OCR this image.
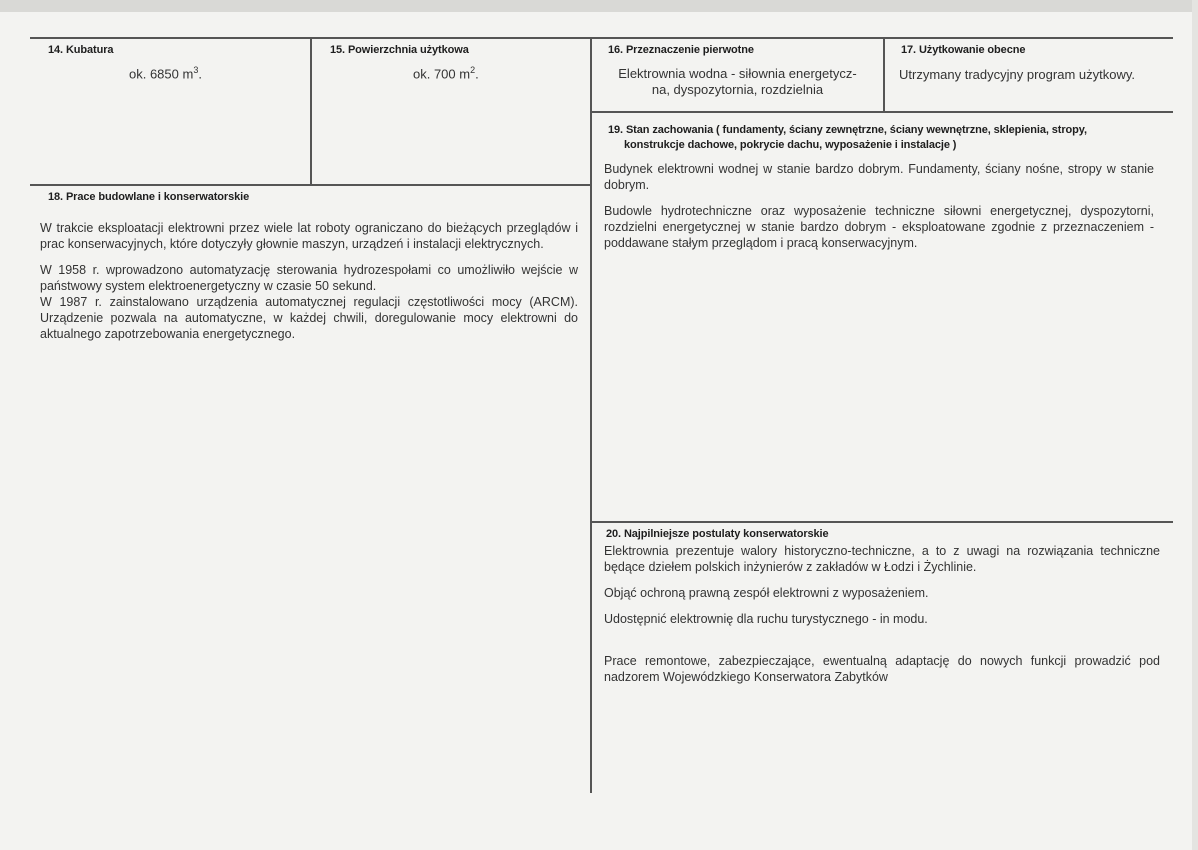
14. Kubatura
ok. 6850 $m^3$.
15. Powierzchnia użytkowa
ok. 700 $m^2$.
16. Przeznaczenie pierwotne
Elektrownia wodna - siłownia energetycz-
na, dyspozytornia, rozdzielnia
17. Użytkowanie obecne
Utrzymany tradycyjny program użytkowy.
18. Prace budowlane i konserwatorskie

W trakcie eksploatacji elektrowni przez wiele lat roboty ograniczano do bieżących przeglądów i prac konserwacyjnych, które dotyczyły głownie maszyn, urządzeń i instalacji elektrycznych.

W 1958 r. wprowadzono automatyzację sterowania hydrozespołami co umożliwiło wejście w państwowy system elektroenergetyczny w czasie 50 sekund.

W 1987 r. zainstalowano urządzenia automatycznej regulacji częstotliwości mocy (ARCM). Urządzenie pozwala na automatyczne, w każdej chwili, doregulowanie mocy elektrowni do aktualnego zapotrzebowania energetycznego.

19. Stan zachowania ( fundamenty, ściany zewnętrzne, ściany wewnętrzne, sklepienia, stropy,
konstrukcje dachowe, pokrycie dachu, wyposażenie i instalacje )

Budynek elektrowni wodnej w stanie bardzo dobrym. Fundamenty, ściany nośne, stropy w stanie dobrym.

Budowle hydrotechniczne oraz wyposażenie techniczne siłowni energetycznej, dyspozytorni, rozdzielni energetycznej w stanie bardzo dobrym - eksploatowane zgodnie z przeznaczeniem - poddawane stałym przeglądom i pracą konserwacyjnym.

20. Najpilniejsze postulaty konserwatorskie

Elektrownia prezentuje walory historyczno-techniczne, a to z uwagi na rozwiązania techniczne będące dziełem polskich inżynierów z zakładów w Łodzi i Żychlinie.

Objąć ochroną prawną zespół elektrowni z wyposażeniem.

Udostępnić elektrownię dla ruchu turystycznego - in modu.

Prace remontowe, zabezpieczające, ewentualną adaptację do nowych funkcji prowadzić pod nadzorem Wojewódzkiego Konserwatora Zabytków
